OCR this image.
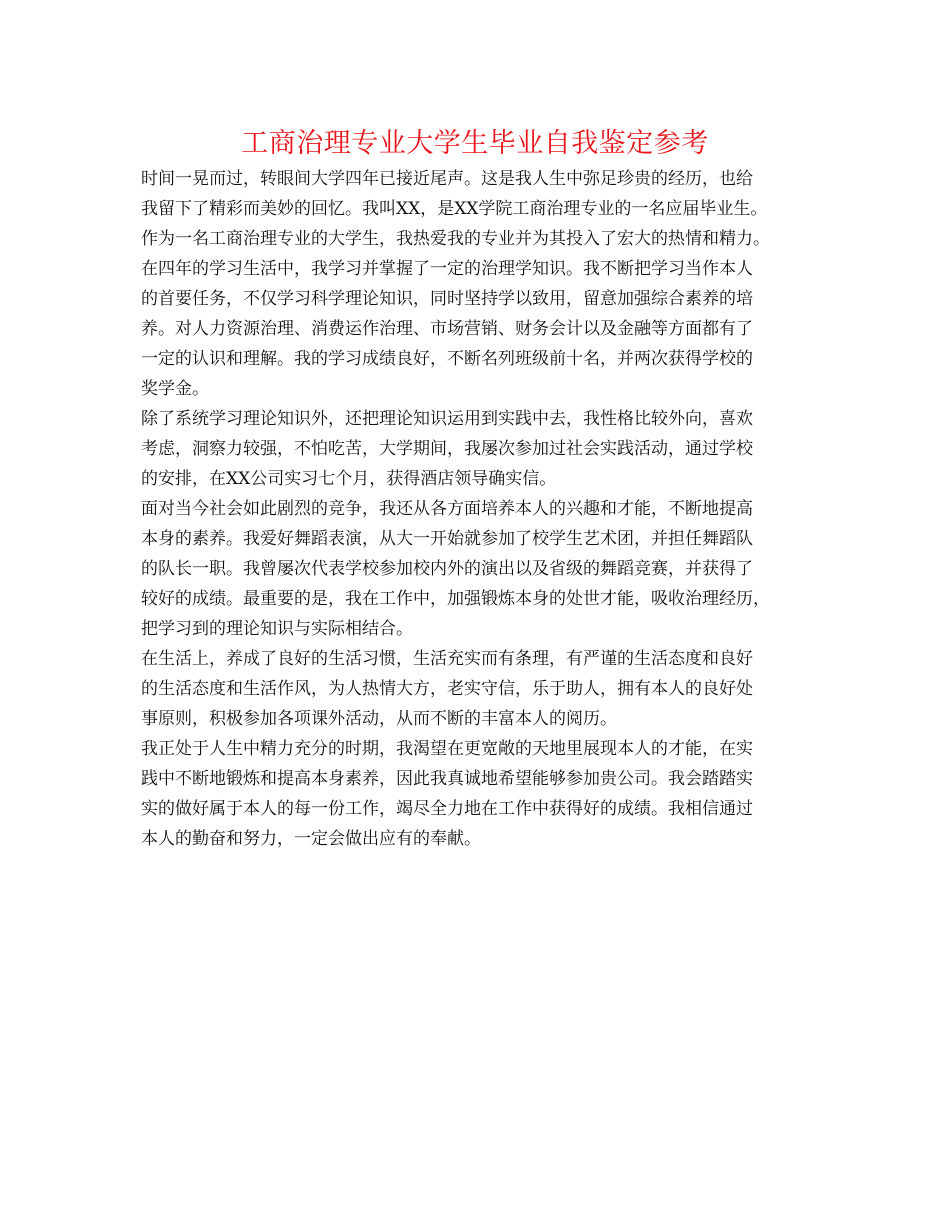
工商治理专业大学生毕业自我鉴定参考
时间一晃而过，转眼间大学四年已接近尾声。这是我人生中弥足珍贵的经历，也给
我留下了精彩而美妙的回忆。我叫XX，是XX学院工商治理专业的一名应届毕业生。
作为一名工商治理专业的大学生，我热爱我的专业并为其投入了宏大的热情和精力。
在四年的学习生活中，我学习并掌握了一定的治理学知识。我不断把学习当作本人
的首要任务，不仅学习科学理论知识，同时坚持学以致用，留意加强综合素养的培
养。对人力资源治理、消费运作治理、市场营销、财务会计以及金融等方面都有了
一定的认识和理解。我的学习成绩良好，不断名列班级前十名，并两次获得学校的
奖学金。
除了系统学习理论知识外，还把理论知识运用到实践中去，我性格比较外向，喜欢
考虑，洞察力较强，不怕吃苦，大学期间，我屡次参加过社会实践活动，通过学校
的安排，在XX公司实习七个月，获得酒店领导确实信。
面对当今社会如此剧烈的竞争，我还从各方面培养本人的兴趣和才能，不断地提高
本身的素养。我爱好舞蹈表演，从大一开始就参加了校学生艺术团，并担任舞蹈队
的队长一职。我曾屡次代表学校参加校内外的演出以及省级的舞蹈竞赛，并获得了
较好的成绩。最重要的是，我在工作中，加强锻炼本身的处世才能，吸收治理经历，
把学习到的理论知识与实际相结合。
在生活上，养成了良好的生活习惯，生活充实而有条理，有严谨的生活态度和良好
的生活态度和生活作风，为人热情大方，老实守信，乐于助人，拥有本人的良好处
事原则，积极参加各项课外活动，从而不断的丰富本人的阅历。
我正处于人生中精力充分的时期，我渴望在更宽敞的天地里展现本人的才能，在实
践中不断地锻炼和提高本身素养，因此我真诚地希望能够参加贵公司。我会踏踏实
实的做好属于本人的每一份工作，竭尽全力地在工作中获得好的成绩。我相信通过
本人的勤奋和努力，一定会做出应有的奉献。
